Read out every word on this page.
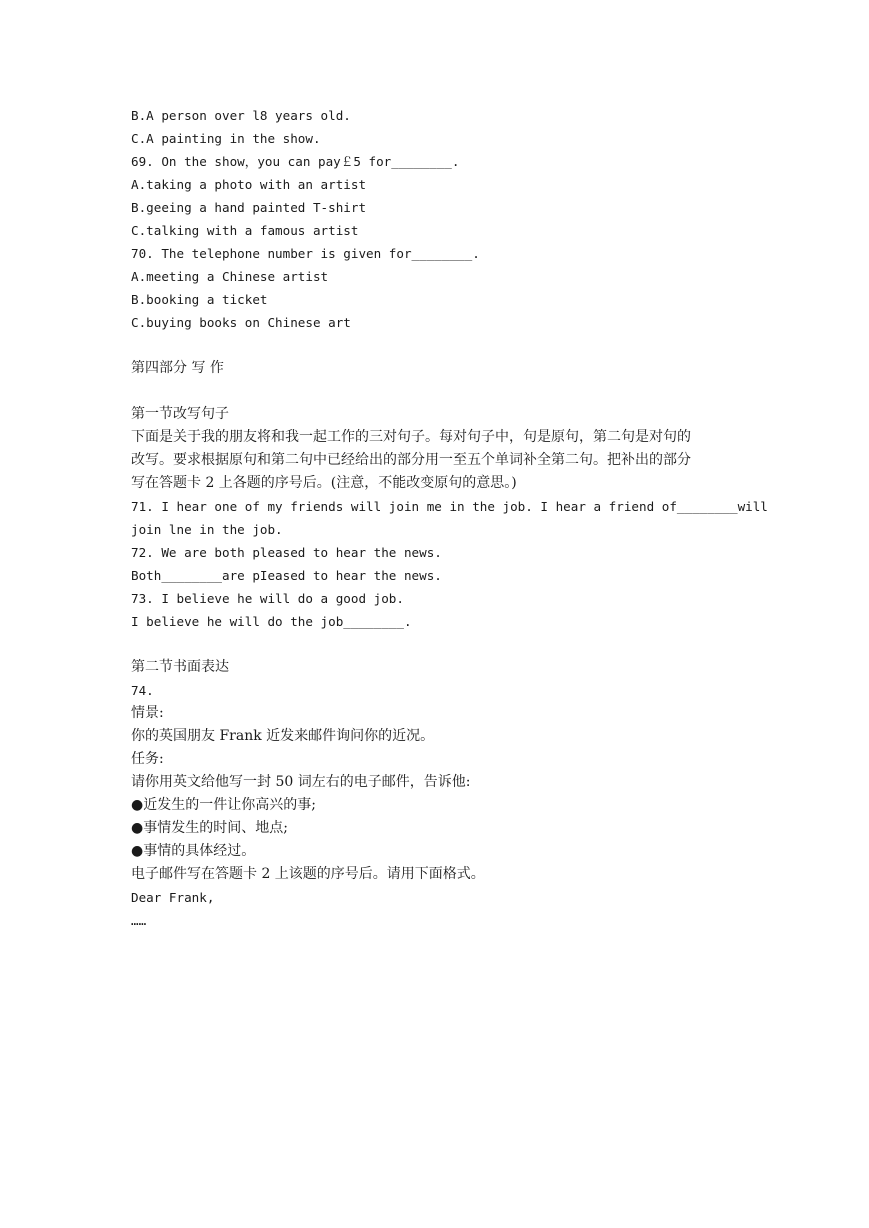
B.A person over l8 years old.
C.A painting in the show.
69. On the show，you can pay￡5 for________.
A.taking a photo with an artist
B.geeing a hand painted T-shirt
C.talking with a famous artist
70. The telephone number is given for________.
A.meeting a Chinese artist
B.booking a ticket
C.buying books on Chinese art
第四部分 写 作
第一节改写句子
下面是关于我的朋友将和我一起工作的三对句子。每对句子中，句是原句，第二句是对句的
改写。要求根据原句和第二句中已经给出的部分用一至五个单词补全第二句。把补出的部分
写在答题卡 2 上各题的序号后。(注意，不能改变原句的意思。)
71. I hear one of my friends will join me in the job. I hear a friend of________will
join lne in the job.
72. We are both pleased to hear the news.
Both________are pIeased to hear the news.
73. I believe he will do a good job.
I believe he will do the job________.
第二节书面表达
74.
情景:
你的英国朋友 Frank 近发来邮件询问你的近况。
任务:
请你用英文给他写一封 50 词左右的电子邮件，告诉他:
●近发生的一件让你高兴的事;
●事情发生的时间、地点;
●事情的具体经过。
电子邮件写在答题卡 2 上该题的序号后。请用下面格式。
Dear Frank,
……
